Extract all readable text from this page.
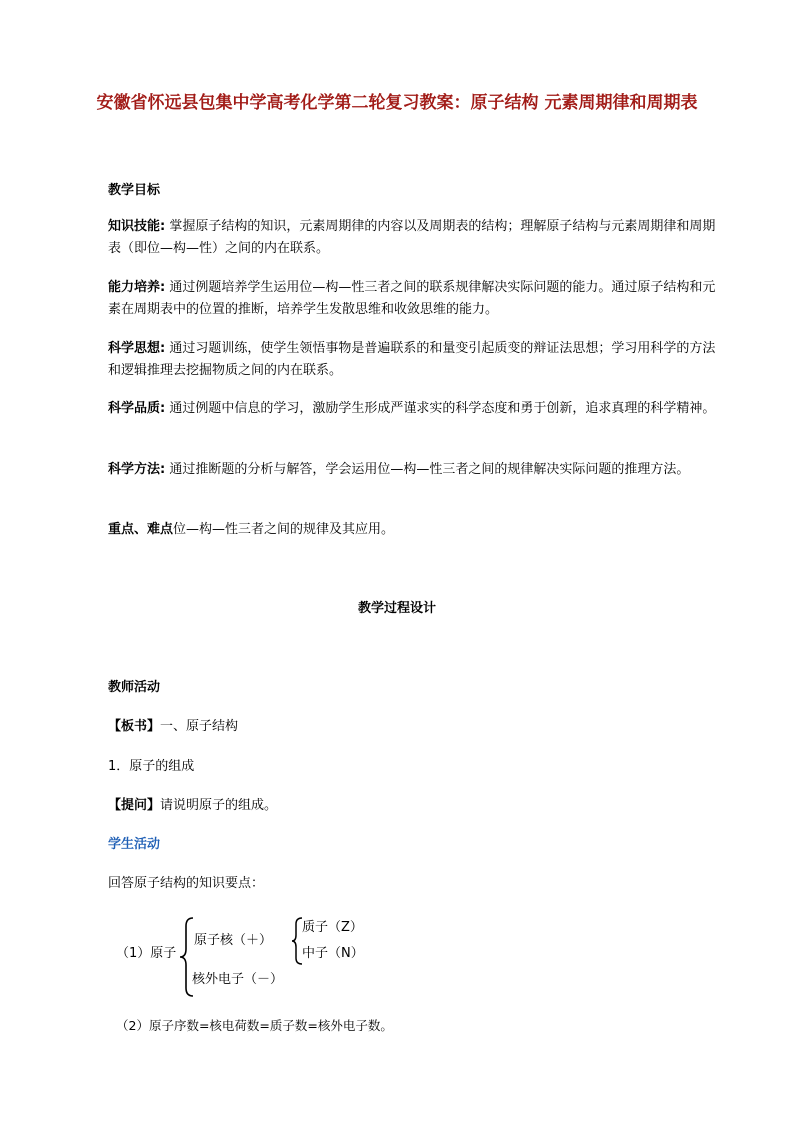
安徽省怀远县包集中学高考化学第二轮复习教案：原子结构 元素周期律和周期表
教学目标

知识技能: 掌握原子结构的知识，元素周期律的内容以及周期表的结构；理解原子结构与元素周期律和周期表（即位—构—性）之间的内在联系。

能力培养: 通过例题培养学生运用位—构—性三者之间的联系规律解决实际问题的能力。通过原子结构和元素在周期表中的位置的推断，培养学生发散思维和收敛思维的能力。

科学思想: 通过习题训练，使学生领悟事物是普遍联系的和量变引起质变的辩证法思想；学习用科学的方法和逻辑推理去挖掘物质之间的内在联系。

科学品质: 通过例题中信息的学习，激励学生形成严谨求实的科学态度和勇于创新，追求真理的科学精神。

科学方法: 通过推断题的分析与解答，学会运用位—构—性三者之间的规律解决实际问题的推理方法。

重点、难点位—构—性三者之间的规律及其应用。

教学过程设计
教师活动

【板书】一、原子结构

1．原子的组成

【提问】请说明原子的组成。

学生活动
回答原子结构的知识要点：
（1）原子
原子核（＋）
质子（Z）
中子（N）
核外电子（－）
（2）原子序数=核电荷数=质子数=核外电子数。
